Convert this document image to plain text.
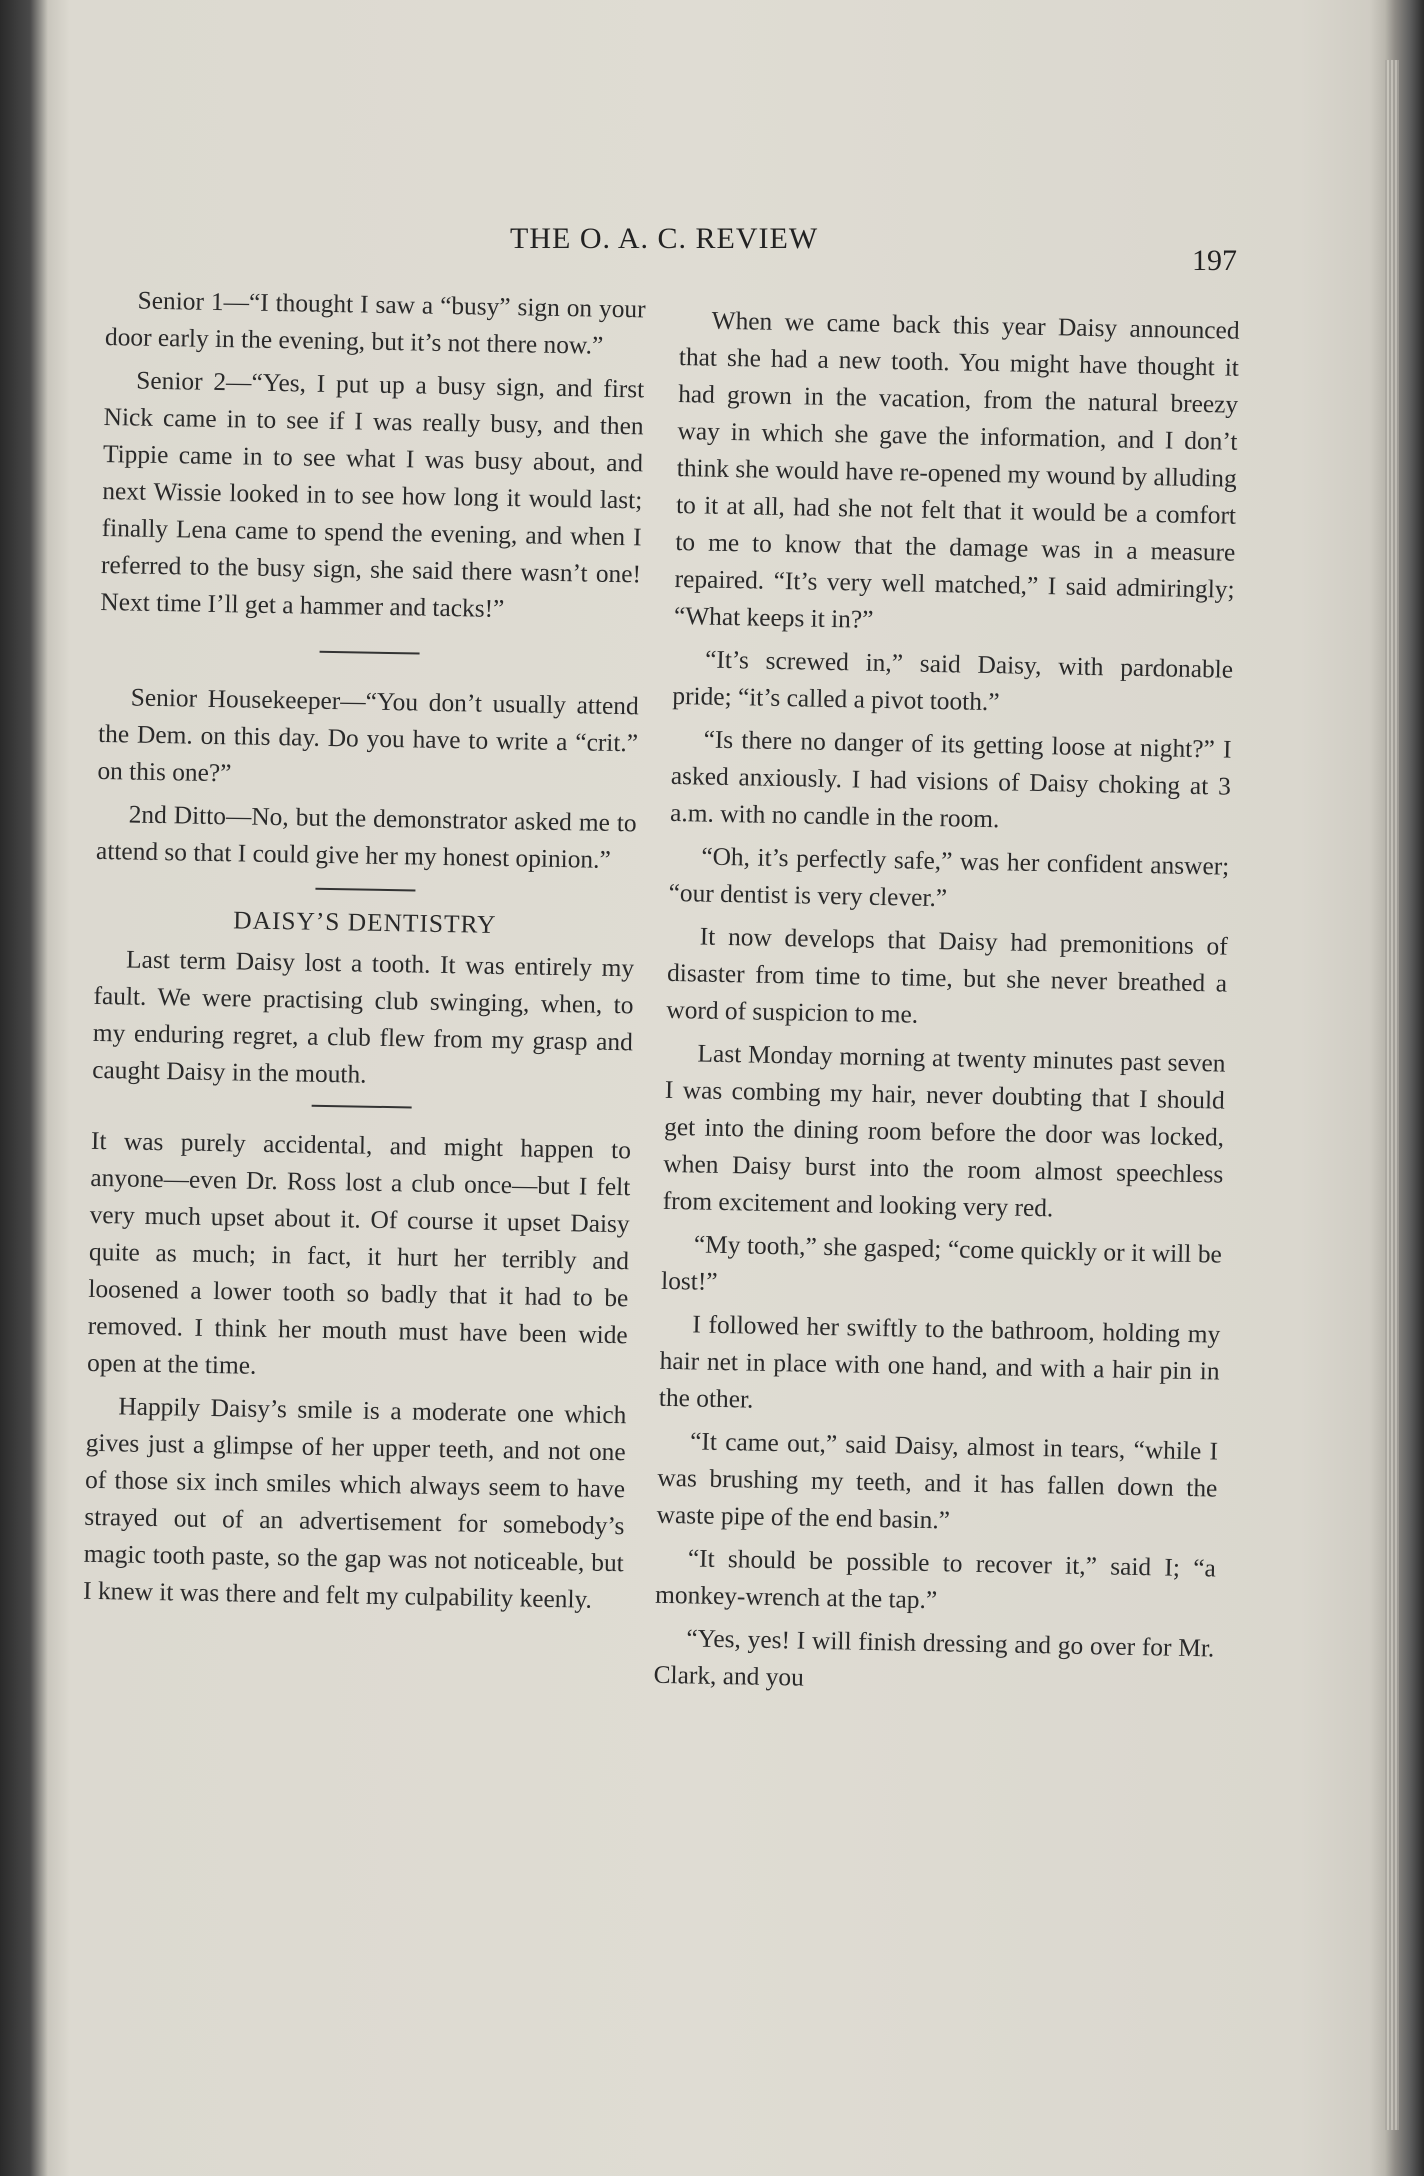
THE O. A. C. REVIEW
197

Senior 1—“I thought I saw a “busy” sign on your door early in the evening, but it’s not there now.”

Senior 2—“Yes, I put up a busy sign, and first Nick came in to see if I was really busy, and then Tippie came in to see what I was busy about, and next Wissie looked in to see how long it would last; finally Lena came to spend the evening, and when I referred to the busy sign, she said there wasn’t one! Next time I’ll get a hammer and tacks!”

Senior Housekeeper—“You don’t usually attend the Dem. on this day. Do you have to write a “crit.” on this one?”

2nd Ditto—No, but the demonstrator asked me to attend so that I could give her my honest opinion.”

DAISY’S DENTISTRY

Last term Daisy lost a tooth. It was entirely my fault. We were practising club swinging, when, to my enduring regret, a club flew from my grasp and caught Daisy in the mouth.

It was purely accidental, and might happen to anyone—even Dr. Ross lost a club once—but I felt very much upset about it. Of course it upset Daisy quite as much; in fact, it hurt her terribly and loosened a lower tooth so badly that it had to be removed. I think her mouth must have been wide open at the time.

Happily Daisy’s smile is a moderate one which gives just a glimpse of her upper teeth, and not one of those six inch smiles which always seem to have strayed out of an advertisement for somebody’s magic tooth paste, so the gap was not noticeable, but I knew it was there and felt my culpability keenly.

When we came back this year Daisy announced that she had a new tooth. You might have thought it had grown in the vacation, from the natural breezy way in which she gave the information, and I don’t think she would have re-opened my wound by alluding to it at all, had she not felt that it would be a comfort to me to know that the damage was in a measure repaired. “It’s very well matched,” I said admiringly; “What keeps it in?”

“It’s screwed in,” said Daisy, with pardonable pride; “it’s called a pivot tooth.”

“Is there no danger of its getting loose at night?” I asked anxiously. I had visions of Daisy choking at 3 a.m. with no candle in the room.

“Oh, it’s perfectly safe,” was her confident answer; “our dentist is very clever.”

It now develops that Daisy had premonitions of disaster from time to time, but she never breathed a word of suspicion to me.

Last Monday morning at twenty minutes past seven I was combing my hair, never doubting that I should get into the dining room before the door was locked, when Daisy burst into the room almost speechless from excitement and looking very red.

“My tooth,” she gasped; “come quickly or it will be lost!”

I followed her swiftly to the bathroom, holding my hair net in place with one hand, and with a hair pin in the other.

“It came out,” said Daisy, almost in tears, “while I was brushing my teeth, and it has fallen down the waste pipe of the end basin.”

“It should be possible to recover it,” said I; “a monkey-wrench at the tap.”

“Yes, yes! I will finish dressing and go over for Mr. Clark, and you
